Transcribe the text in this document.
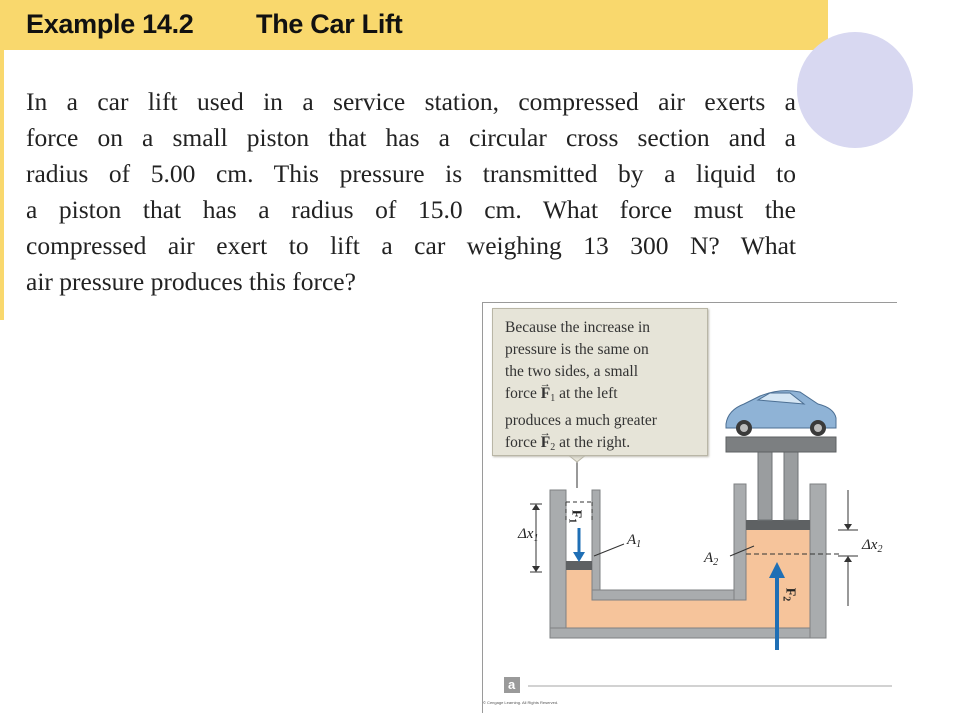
Example 14.2 The Car Lift
In a car lift used in a service station, compressed air exerts a
force on a small piston that has a circular cross section and a
radius of 5.00 cm. This pressure is transmitted by a liquid to
a piston that has a radius of 15.0 cm. What force must the
compressed air exert to lift a car weighing 13 300 N? What
air pressure produces this force?
Because the increase in
pressure is the same on
the two sides, a small
force → $F_1$ at the left
produces a much greater
force → $F_2$ at the right.
$F_1$
$F_2$
$A_1$
$A_2$
$\Delta x_1$	$\Delta x_2$
a
© Cengage Learning. All Rights Reserved.
